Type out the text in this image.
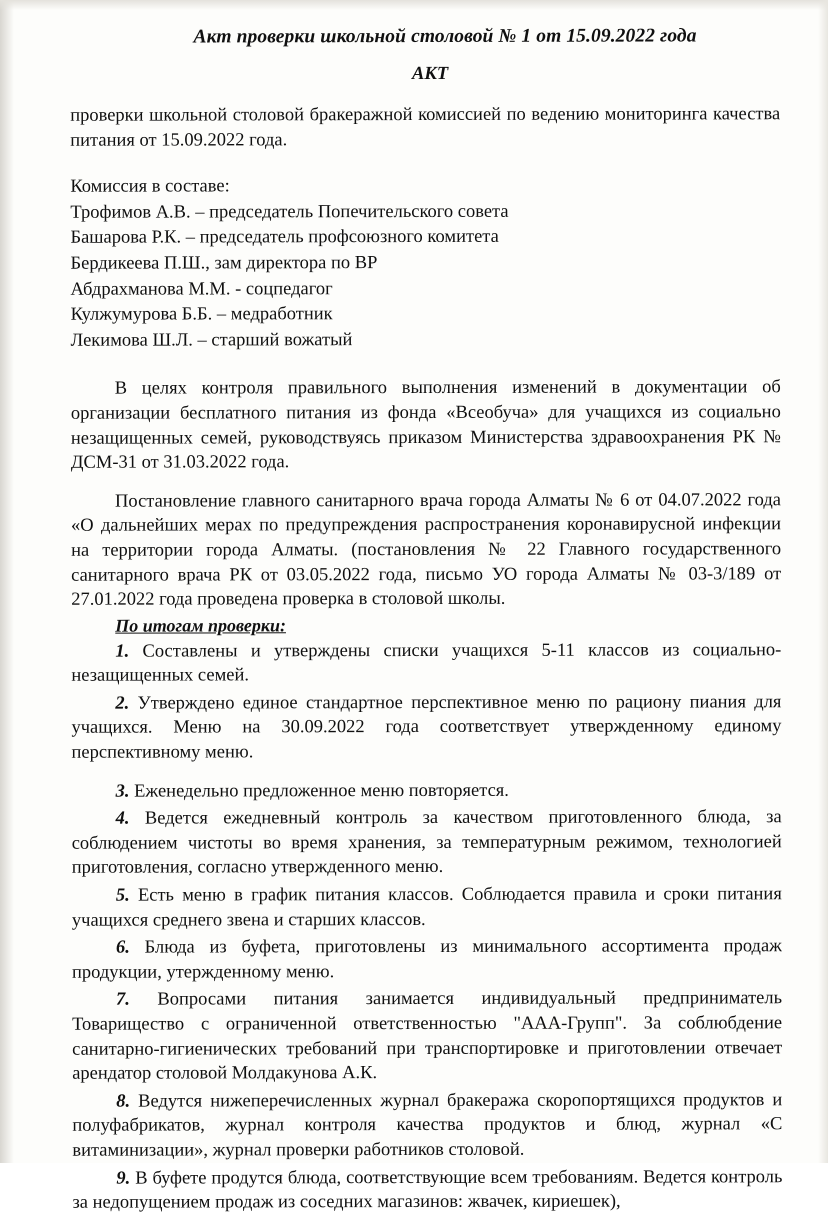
Акт проверки школьной столовой № 1 от 15.09.2022 года
АКТ

проверки школьной столовой бракеражной комиссией по ведению мониторинга качества питания от 15.09.2022 года.

Комиссия в составе:

Трофимов А.В. – председатель Попечительского совета

Башарова Р.К. – председатель профсоюзного комитета

Бердикеева П.Ш., зам директора по ВР

Абдрахманова М.М. - соцпедагог

Кулжумурова Б.Б. – медработник

Лекимова Ш.Л. – старший вожатый

В целях контроля правильного выполнения изменений в документации об организации бесплатного питания из фонда «Всеобуча» для учащихся из социально незащищенных семей, руководствуясь приказом Министерства здравоохранения РК № ДСМ-31 от 31.03.2022 года.

Постановление главного санитарного врача города Алматы № 6 от 04.07.2022 года «О дальнейших мерах по предупреждения распространения коронавирусной инфекции на территории города Алматы. (постановления № 22 Главного государственного санитарного врача РК от 03.05.2022 года, письмо УО города Алматы № 03-3/189 от 27.01.2022 года проведена проверка в столовой школы.

По итогам проверки:

1. Составлены и утверждены списки учащихся 5-11 классов из социально-незащищенных семей.

2. Утверждено единое стандартное перспективное меню по рациону пиания для учащихся. Меню на 30.09.2022 года соответствует утвержденному единому перспективному меню.

3. Еженедельно предложенное меню повторяется.

4. Ведется ежедневный контроль за качеством приготовленного блюда, за соблюдением чистоты во время хранения, за температурным режимом, технологией приготовления, согласно утвержденного меню.

5. Есть меню в график питания классов. Соблюдается правила и сроки питания учащихся среднего звена и старших классов.

6. Блюда из буфета, приготовлены из минимального ассортимента продаж продукции, утержденному меню.

7. Вопросами питания занимается индивидуальный предприниматель Товарищество с ограниченной ответственностью "ААА-Групп". За соблюбдение санитарно-гигиенических требований при транспортировке и приготовлении отвечает арендатор столовой Молдакунова А.К.

8. Ведутся нижеперечисленных журнал бракеража скоропортящихся продуктов и полуфабрикатов, журнал контроля качества продуктов и блюд, журнал «С витаминизации», журнал проверки работников столовой.

9. В буфете продутся блюда, соответствующие всем требованиям. Ведется контроль за недопущением продаж из соседних магазинов: жвачек, кириешек),
